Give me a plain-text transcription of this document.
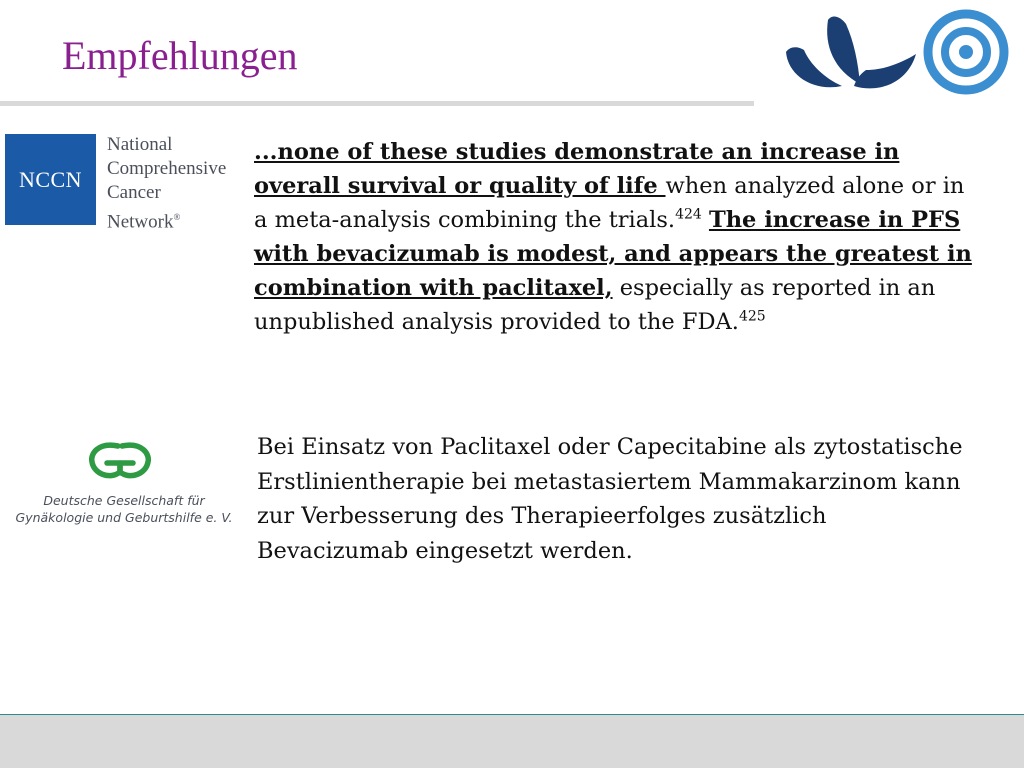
Empfehlungen
NCCN
National
Comprehensive
Cancer
Network®

...none of these studies demonstrate an increase in overall survival or quality of life when analyzed alone or in a meta-analysis combining the trials.$^{424}$ The increase in PFS with bevacizumab is modest, and appears the greatest in combination with paclitaxel, especially as reported in an unpublished analysis provided to the FDA.$^{425}$

Deutsche Gesellschaft für
Gynäkologie und Geburtshilfe e. V.

Bei Einsatz von Paclitaxel oder Capecitabine als zytostatische Erstlinientherapie bei metastasiertem Mammakarzinom kann zur Verbesserung des Therapieerfolges zusätzlich Bevacizumab eingesetzt werden.
